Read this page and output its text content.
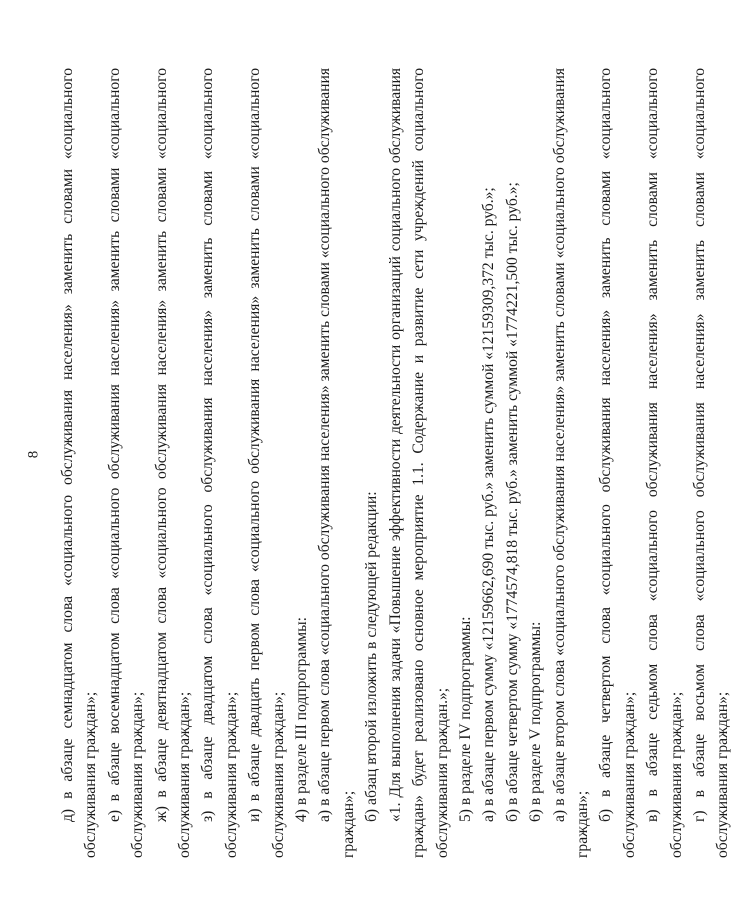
8 д) в абзаце семнадцатом слова «социального обслуживания населения» заменить словами «социального обслуживания граждан»; е) в абзаце восемнадцатом слова «социального обслуживания населения» заменить словами «социального обслуживания граждан»; ж) в абзаце девятнадцатом слова «социального обслуживания населения» заменить словами «социального обслуживания граждан»; з) в абзаце двадцатом слова «социального обслуживания населения» заменить словами «социального обслуживания граждан»; и) в абзаце двадцать первом слова «социального обслуживания населения» заменить словами «социального обслуживания граждан»; 4) в разделе III подпрограммы: а) в абзаце первом слова «социального обслуживания населения» заменить словами «социального обслуживания граждан»;

б) абзац второй изложить в следующей редакции: «1. Для выполнения задачи «Повышение эффективности деятельности организаций социального обслуживания граждан» будет реализовано основное мероприятие 1.1. Содержание и развитие сети учреждений социального обслуживания граждан.»; 5) в разделе IV подпрограммы: а) в абзаце первом сумму «12159662,690 тыс. руб.» заменить суммой «12159309,372 тыс. руб.»; б) в абзаце четвертом сумму «1774574,818 тыс. руб.» заменить суммой «1774221,500 тыс. руб.»; 6) в разделе V подпрограммы: а) в абзаце втором слова «социального обслуживания населения» заменить словами «социального обслуживания граждан»;

б) в абзаце четвертом слова «социального обслуживания населения» заменить словами «социального обслуживания граждан»; в) в абзаце седьмом слова «социального обслуживания населения» заменить словами «социального обслуживания граждан»; г) в абзаце восьмом слова «социального обслуживания населения» заменить словами «социального обслуживания граждан»;
